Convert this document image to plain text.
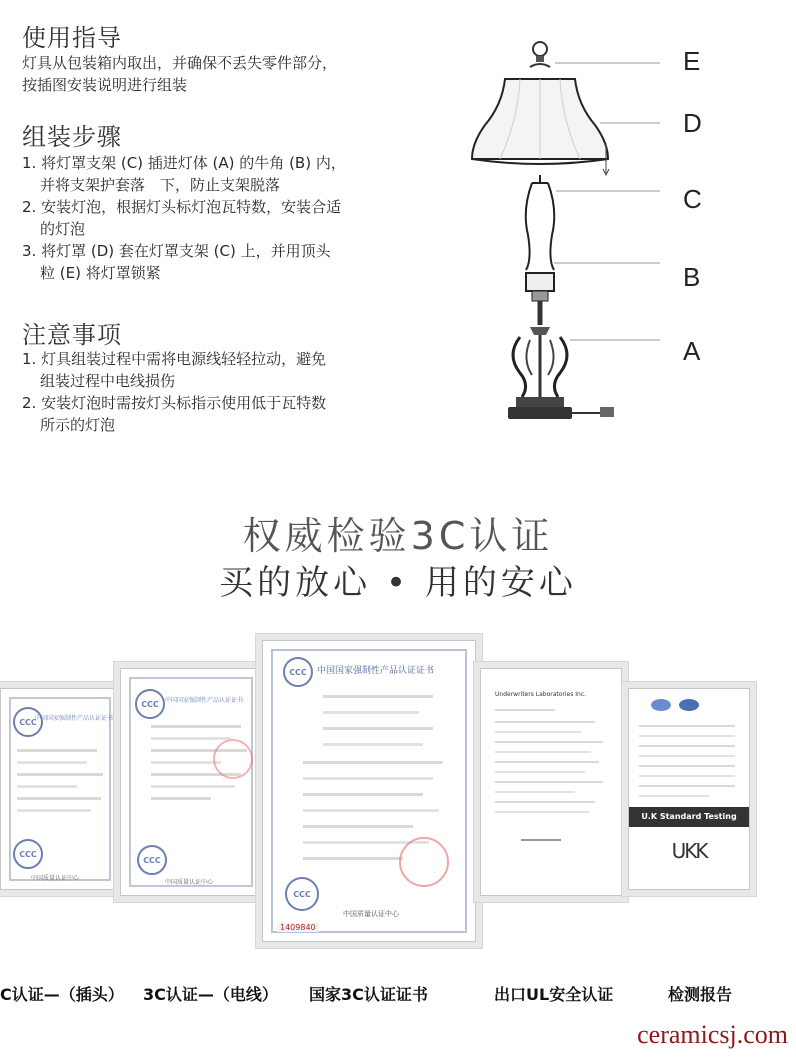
使用指导
灯具从包装箱内取出，并确保不丢失零件部分，
按插图安装说明进行组装
组装步骤
1. 将灯罩支架 (C) 插进灯体 (A) 的牛角 (B) 内，
并将支架护套落　下，防止支架脱落
2. 安装灯泡，根据灯头标灯泡瓦特数，安装合适
的灯泡
3. 将灯罩 (D) 套在灯罩支架 (C) 上，并用顶头
粒 (E) 将灯罩锁紧
注意事项
1. 灯具组装过程中需将电源线轻轻拉动，避免
组装过程中电线损伤
2. 安装灯泡时需按灯头标指示使用低于瓦特数
所示的灯泡
E
D
C
B
A
权威检验3C认证
买的放心 • 用的安心
CCC
中国国家强制性产品认证证书
CCC
中国质量认证中心
CCC	中国国家强制性产品认证证书
CCC
中国质量认证中心
CCC	中国国家强制性产品认证证书
CCC
中国质量认证中心
1409840
Underwriters Laboratories Inc.
U.K Standard Testing
UKK
C认证—（插头） 3C认证—（电线） 国家3C认证证书	出口UL安全认证	检测报告
ceramicsj.com
